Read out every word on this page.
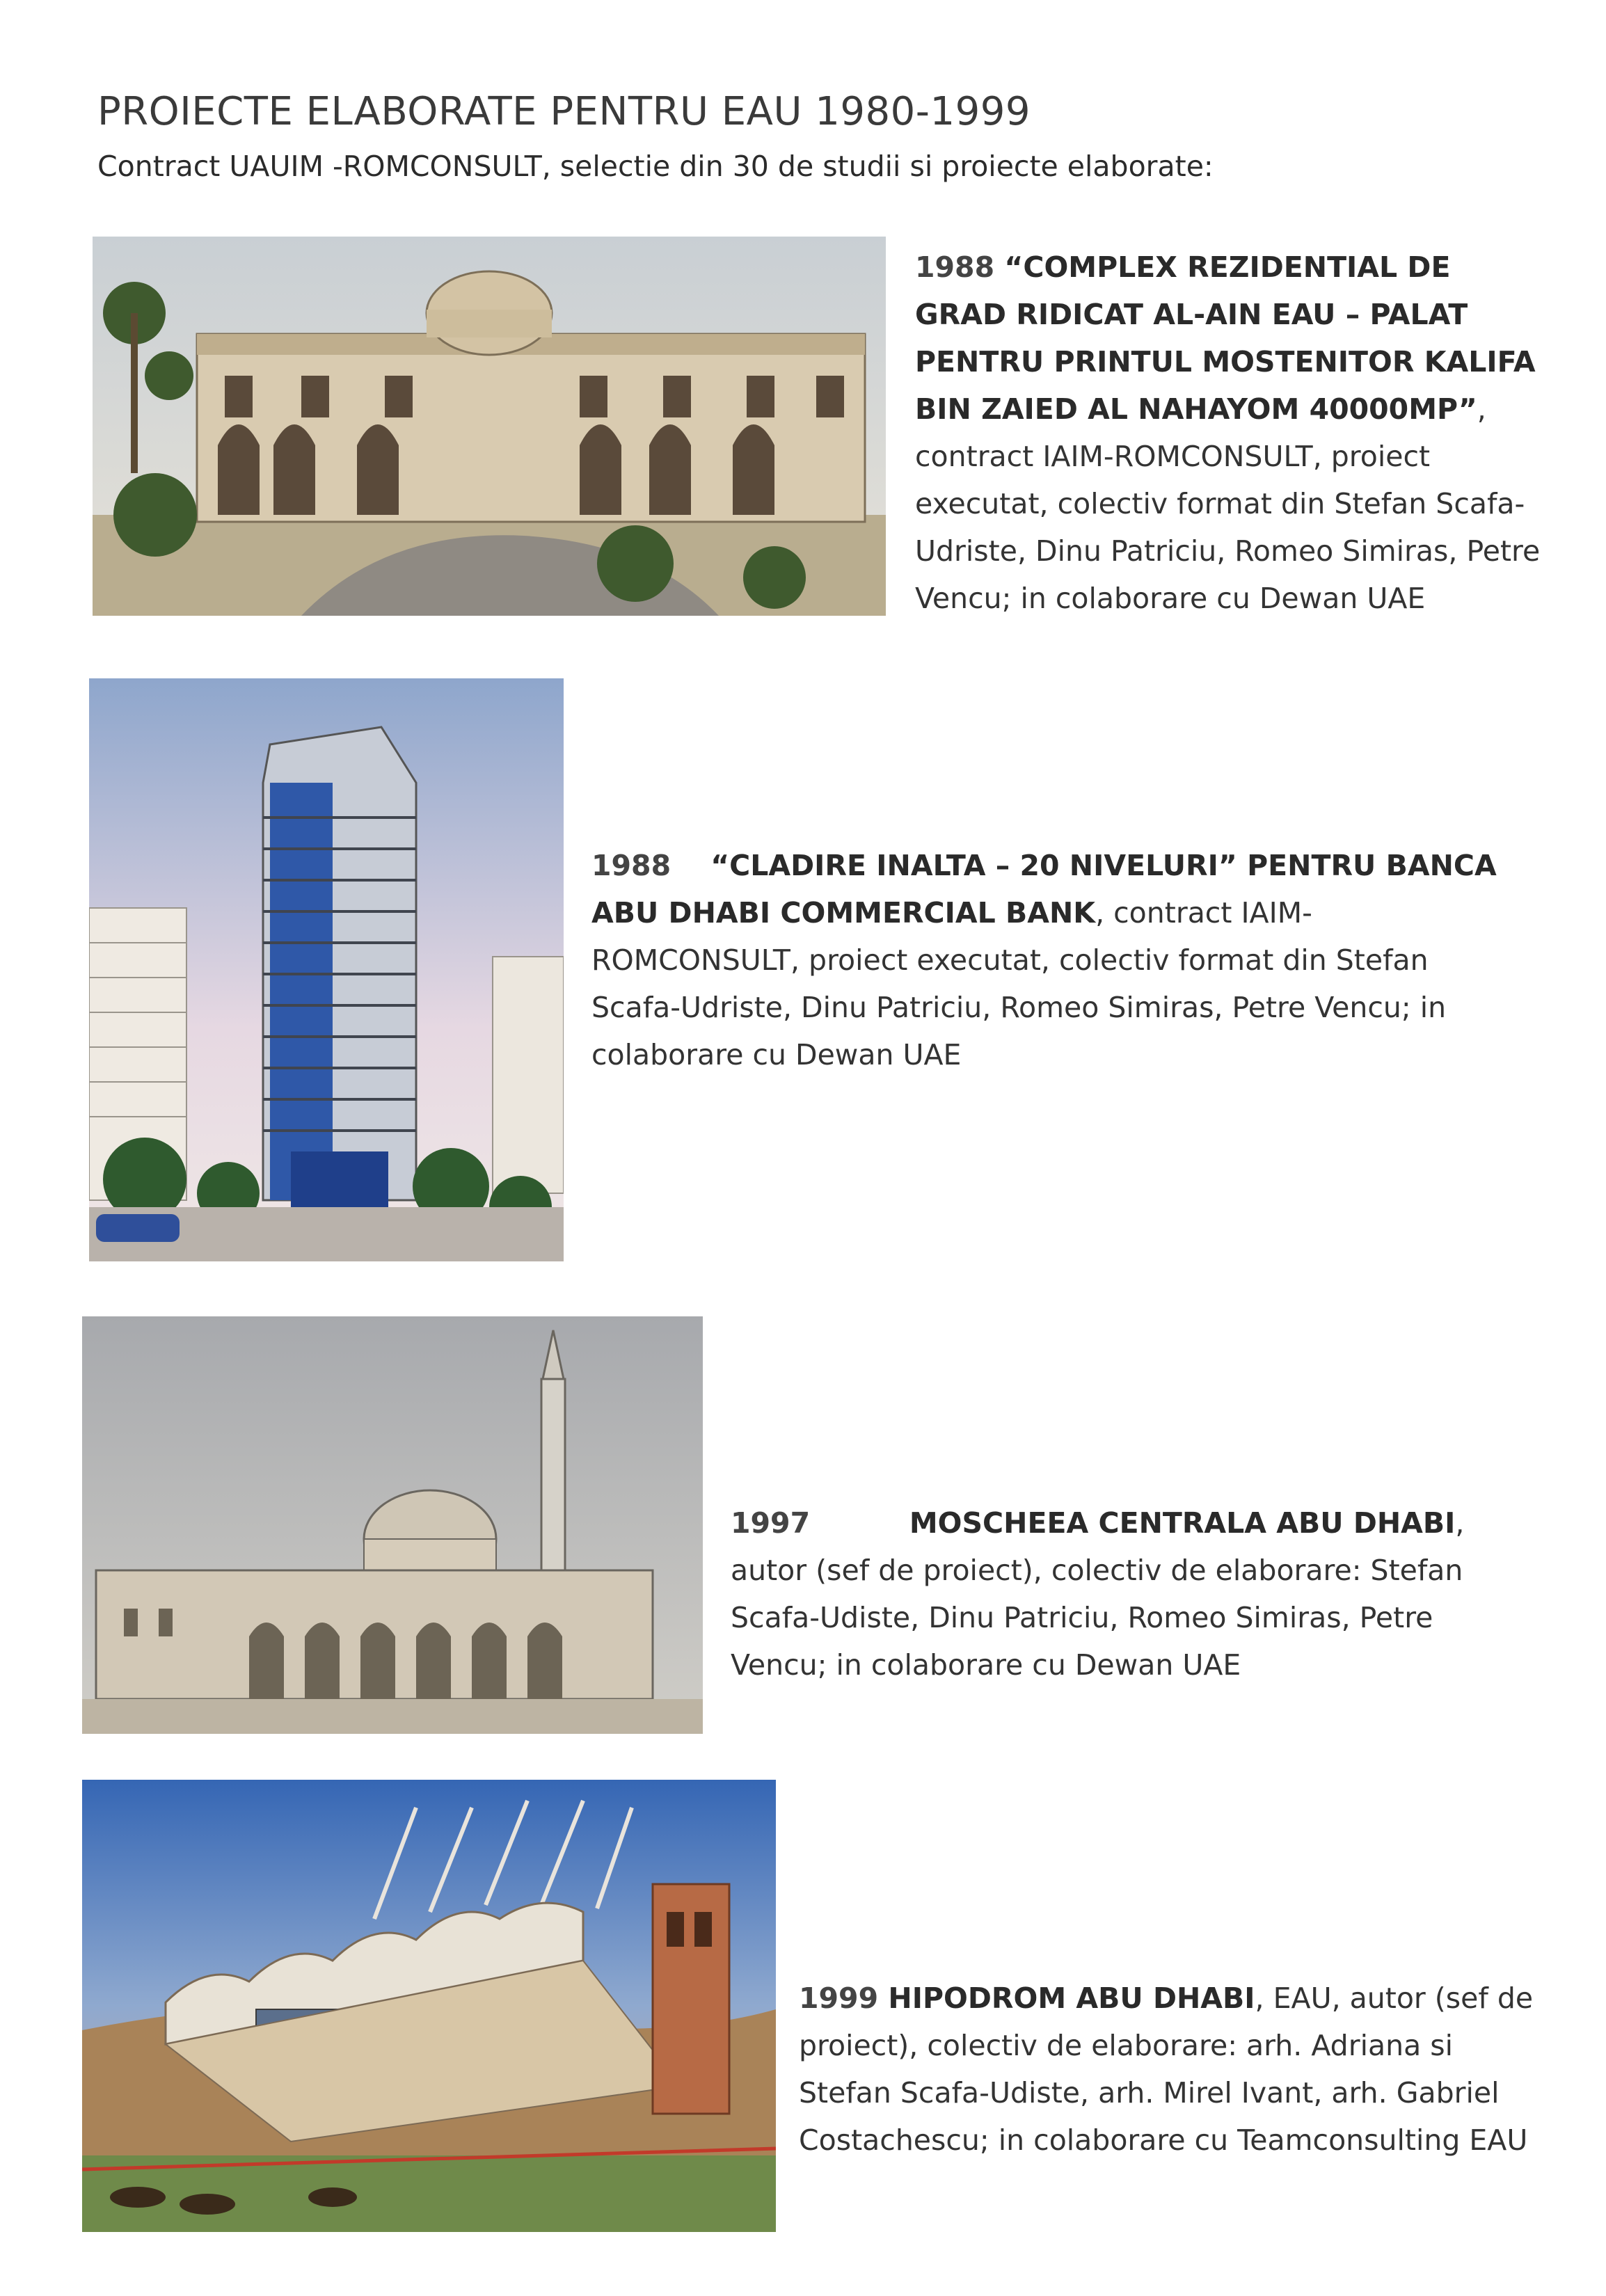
PROIECTE ELABORATE PENTRU EAU 1980-1999

Contract UAUIM -ROMCONSULT, selectie din 30 de studii si proiecte elaborate:

1988 “COMPLEX REZIDENTIAL DE GRAD RIDICAT AL-AIN EAU – PALAT PENTRU PRINTUL MOSTENITOR KALIFA BIN ZAIED AL NAHAYOM 40000MP”, contract IAIM-ROMCONSULT, proiect executat, colectiv format din Stefan Scafa-Udriste, Dinu Patriciu, Romeo Simiras, Petre Vencu; in colaborare cu Dewan UAE

1988 “CLADIRE INALTA – 20 NIVELURI” PENTRU BANCA ABU DHABI COMMERCIAL BANK, contract IAIM-ROMCONSULT, proiect executat, colectiv format din Stefan Scafa-Udriste, Dinu Patriciu, Romeo Simiras, Petre Vencu; in colaborare cu Dewan UAE

1997	MOSCHEEA CENTRALA ABU DHABI, autor (sef de proiect), colectiv de elaborare: Stefan Scafa-Udiste, Dinu Patriciu, Romeo Simiras, Petre Vencu; in colaborare cu Dewan UAE

1999 HIPODROM ABU DHABI, EAU, autor (sef de proiect), colectiv de elaborare: arh. Adriana si Stefan Scafa-Udiste, arh. Mirel Ivant, arh. Gabriel Costachescu; in colaborare cu Teamconsulting EAU
